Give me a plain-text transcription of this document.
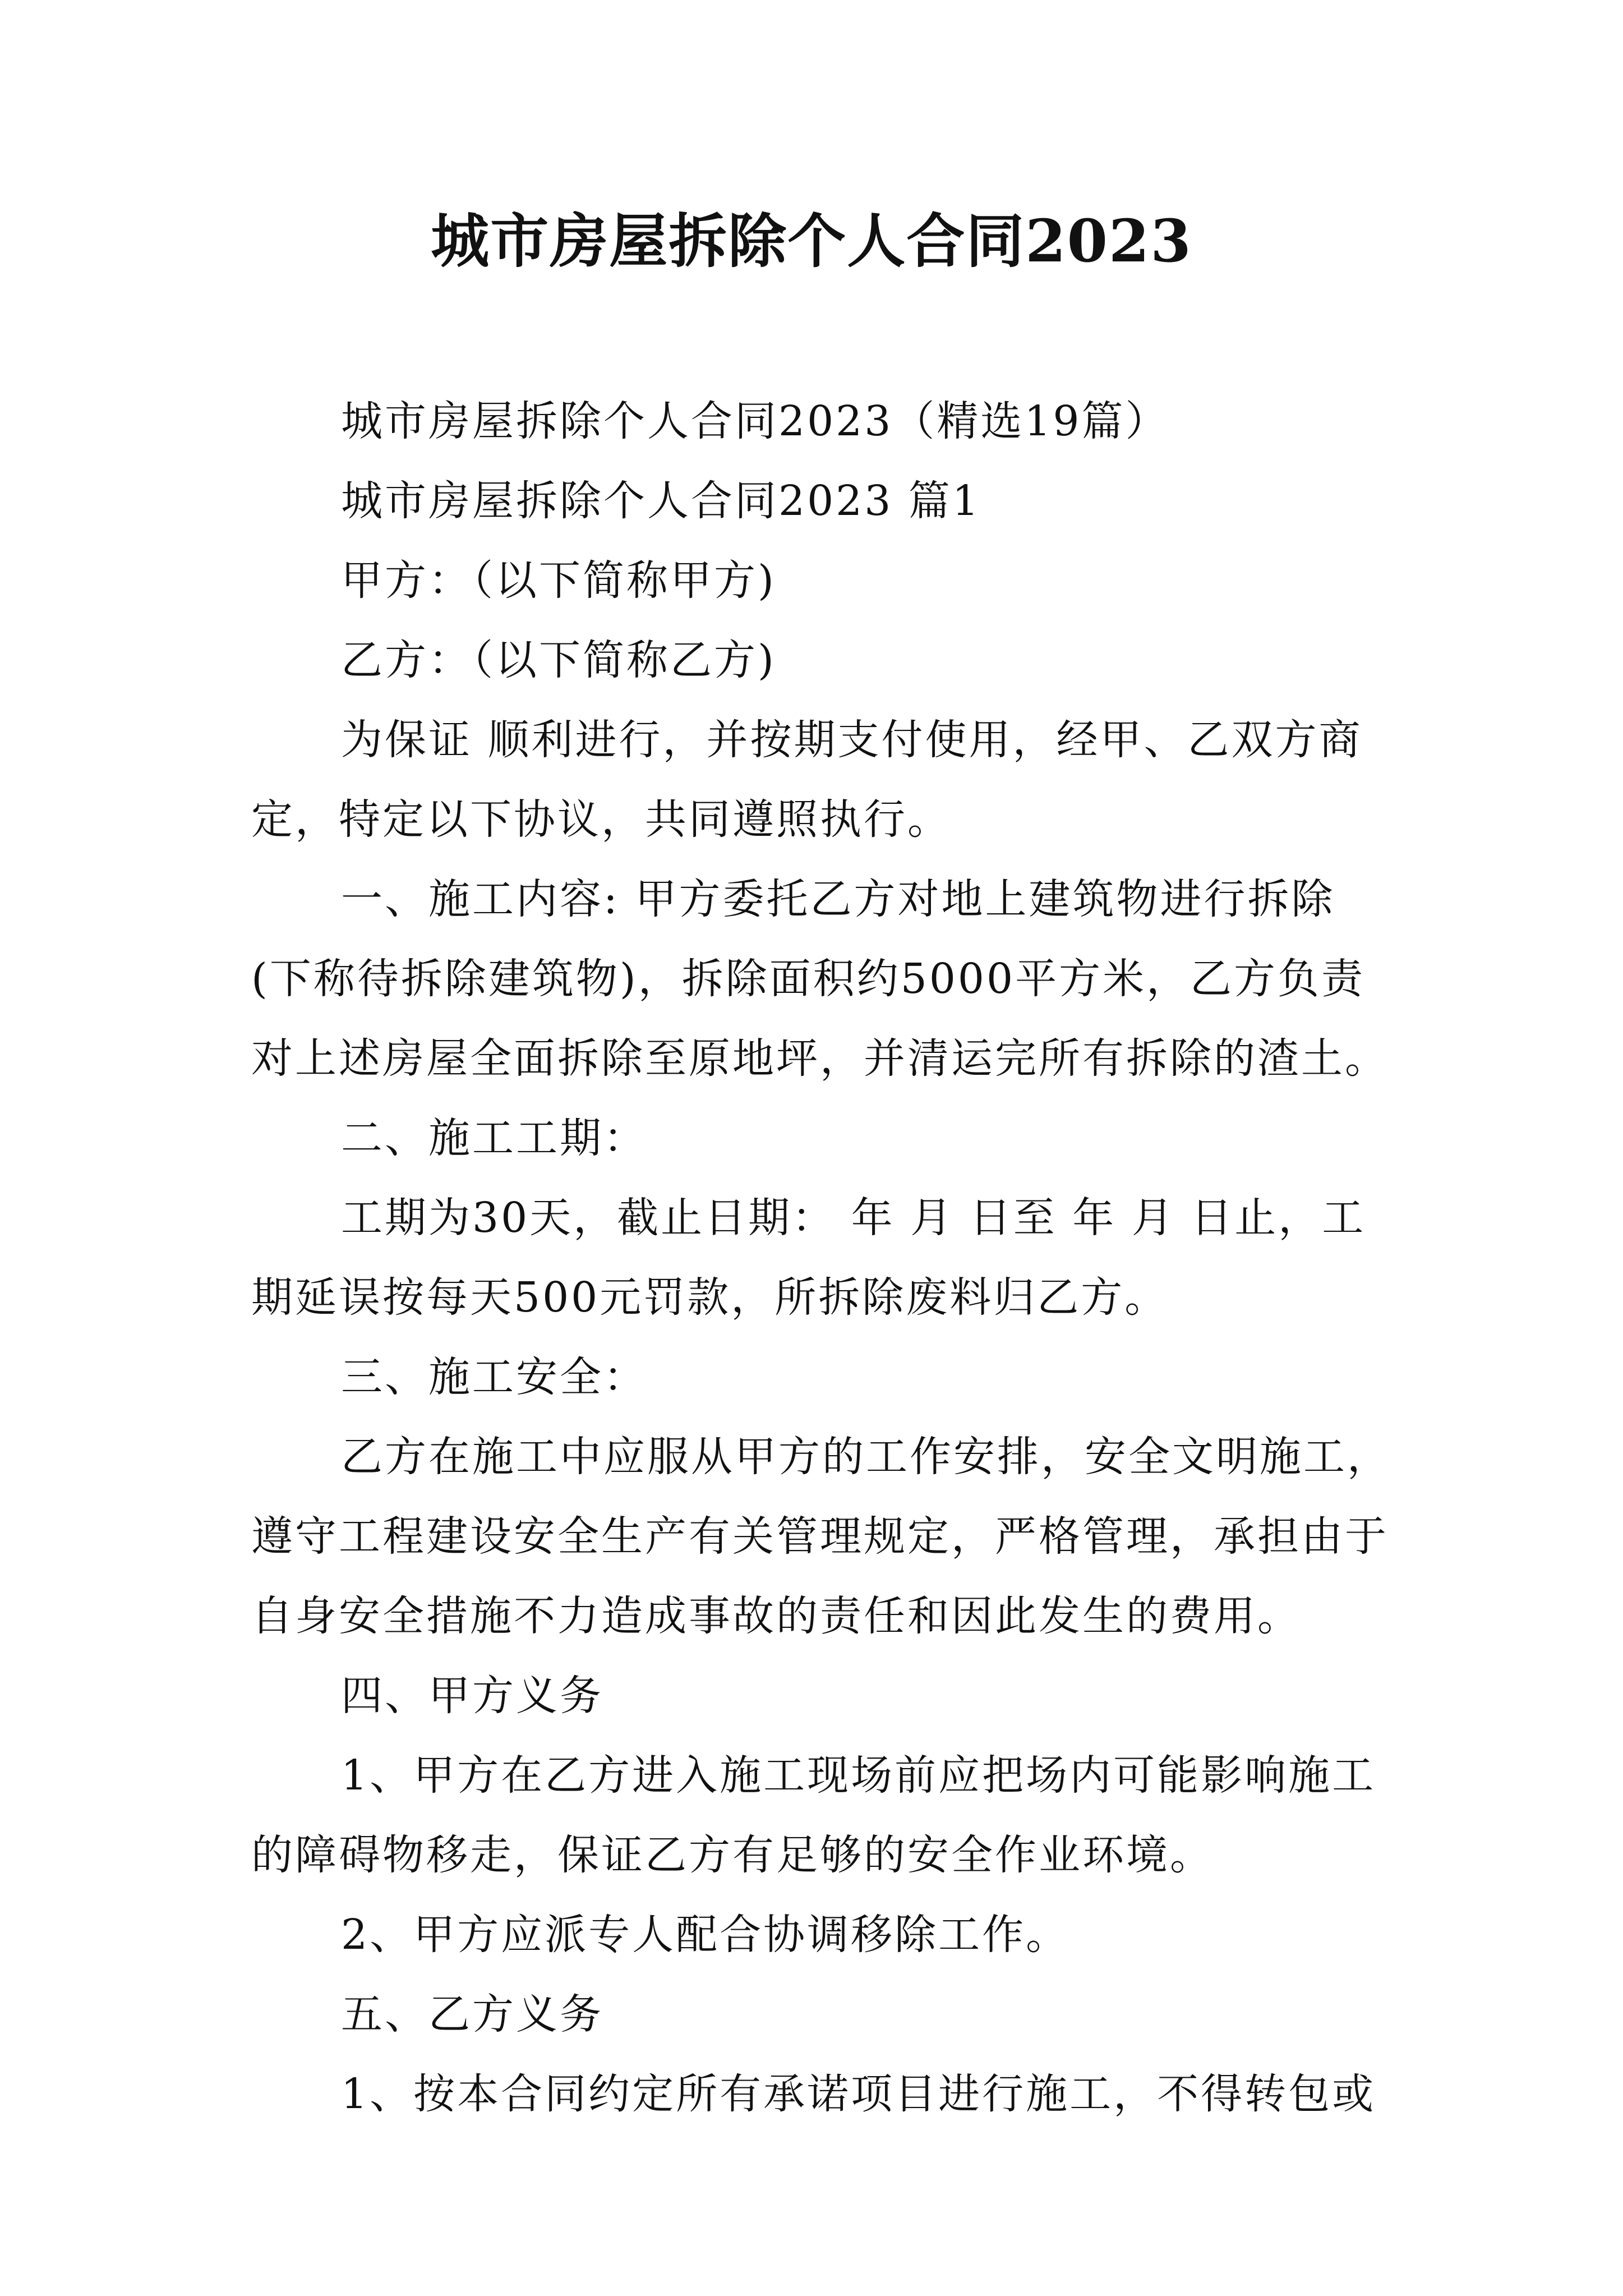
城市房屋拆除个人合同2023

城市房屋拆除个人合同2023（精选19篇）

城市房屋拆除个人合同2023 篇1

甲方：（以下简称甲方)

乙方：（以下简称乙方)

为保证 顺利进行，并按期支付使用，经甲、乙双方商定，特定以下协议，共同遵照执行。

一、施工内容: 甲方委托乙方对地上建筑物进行拆除(下称待拆除建筑物)，拆除面积约5000平方米，乙方负责对上述房屋全面拆除至原地坪，并清运完所有拆除的渣土。

二、施工工期：

工期为30天，截止日期： 年 月 日至 年 月 日止，工期延误按每天500元罚款，所拆除废料归乙方。

三、施工安全：

乙方在施工中应服从甲方的工作安排，安全文明施工，遵守工程建设安全生产有关管理规定，严格管理，承担由于自身安全措施不力造成事故的责任和因此发生的费用。

四、甲方义务

1、甲方在乙方进入施工现场前应把场内可能影响施工的障碍物移走，保证乙方有足够的安全作业环境。

2、甲方应派专人配合协调移除工作。

五、乙方义务

1、按本合同约定所有承诺项目进行施工，不得转包或
